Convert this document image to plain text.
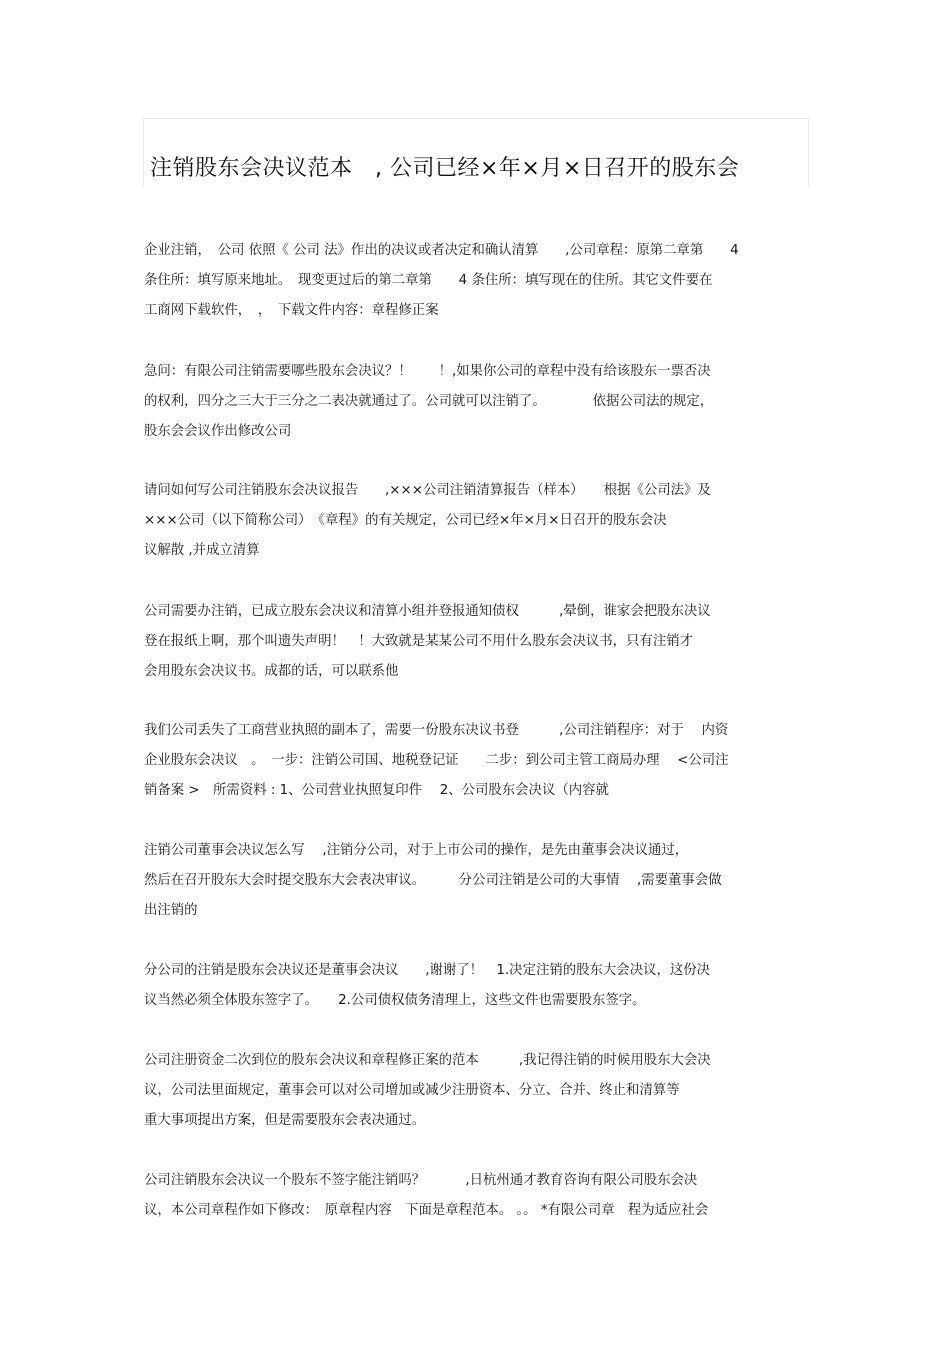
注销股东会决议范本　, 公司已经×年×月×日召开的股东会
企业注销，　公司 依照《 公司 法》作出的决议或者决定和确认清算　　,公司章程：原第二章第　　4
条住所：填写原来地址。　现变更过后的第二章第　　4 条住所：填写现在的住所。其它文件要在
工商网下载软件，　，　下载文件内容：章程修正案
急问：有限公司注销需要哪些股东会决议？！　　！,如果你公司的章程中没有给该股东一票否决
的权利，四分之三大于三分之二表决就通过了。公司就可以注销了。　　　　依据公司法的规定，
股东会会议作出修改公司
请问如何写公司注销股东会决议报告　　,×××公司注销清算报告（样本）　　根据《公司法》及
×××公司（以下简称公司）　《章程》的有关规定，公司已经×年×月×日召开的股东会决
议解散 ,并成立清算
公司需要办注销，已成立股东会决议和清算小组并登报通知债权　　　,晕倒，谁家会把股东决议
登在报纸上啊，那个叫遗失声明！　！大致就是某某公司不用什么股东会决议书，只有注销才
会用股东会决议书。成都的话，可以联系他
我们公司丢失了工商营业执照的副本了，需要一份股东决议书登　　　,公司注销程序：对于　 内资
企业股东会决议　。　一步：注销公司国、地税登记证　　二步：到公司主管工商局办理　 <公司注
销备案 >　所需资料 : 1、公司营业执照复印件　 2、公司股东会决议（内容就
注销公司董事会决议怎么写　 ,注销分公司，对于上市公司的操作，是先由董事会决议通过，
然后在召开股东大会时提交股东大会表决审议。　　　分公司注销是公司的大事情　 ,需要董事会做
出注销的
分公司的注销是股东会决议还是董事会决议　　,谢谢了！　1.决定注销的股东大会决议，这份决
议当然必须全体股东签字了。　　2.公司债权债务清理上，这些文件也需要股东签字。
公司注册资金二次到位的股东会决议和章程修正案的范本　　　,我记得注销的时候用股东大会决
议，公司法里面规定，董事会可以对公司增加或减少注册资本、分立、合并、终止和清算等
重大事项提出方案，但是需要股东会表决通过。
公司注销股东会决议一个股东不签字能注销吗？　　　,日杭州通才教育咨询有限公司股东会决
议，本公司章程作如下修改：　原章程内容　下面是章程范本。 。。 *有限公司章　程为适应社会
